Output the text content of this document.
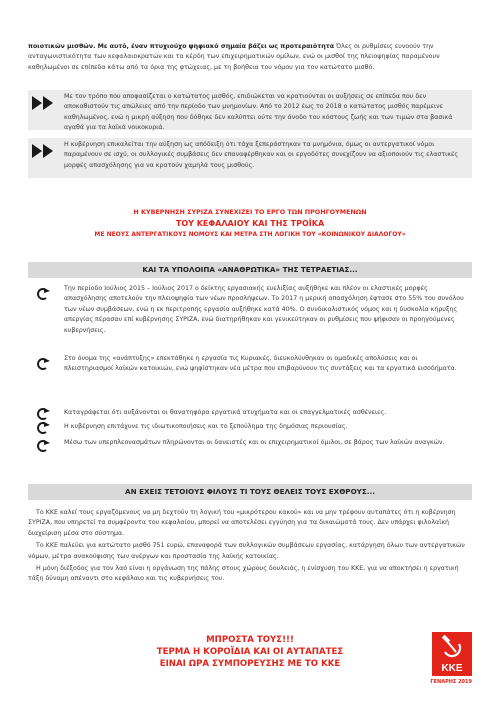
ποιοτικών μισθών. Με αυτό, έναν πτυχιούχο ψηφιακό σημαία βάζει ως προτεραιότητα Όλες οι ρυθμίσεις ευνοούν την ανταγωνιστικότητα των κεφαλαιοκρατών και τα κέρδη των επιχειρηματικών ομίλων, ενώ οι μισθοί της πλειοψηφίας παραμένουν καθηλωμένοι σε επίπεδα κάτω από τα όρια της φτώχειας, με τη βοήθεια του νόμου για τον κατώτατο μισθό.

Με τον τρόπο που αποφασίζεται ο κατώτατος μισθός, επιδιώκεται να κρατιούνται οι αυξήσεις σε επίπεδα που δεν αποκαθιστούν τις απώλειες από την περίοδο των μνημονίων. Από το 2012 έως το 2018 ο κατώτατος μισθός παρέμεινε καθηλωμένος, ενώ η μικρή αύξηση που δόθηκε δεν καλύπτει ούτε την άνοδο του κόστους ζωής και των τιμών στα βασικά αγαθά για τα λαϊκά νοικοκυριά.

Η κυβέρνηση επικαλείται την αύξηση ως απόδειξη ότι τάχα ξεπεράστηκαν τα μνημόνια, όμως οι αντεργατικοί νόμοι παραμένουν σε ισχύ, οι συλλογικές συμβάσεις δεν επαναφέρθηκαν και οι εργοδότες συνεχίζουν να αξιοποιούν τις ελαστικές μορφές απασχόλησης για να κρατούν χαμηλά τους μισθούς.

Η ΚΥΒΕΡΝΗΣΗ ΣΥΡΙΖΑ ΣΥΝΕΧΙΖΕΙ ΤΟ ΕΡΓΟ ΤΩΝ ΠΡΟΗΓΟΥΜΕΝΩΝ

ΤΟΥ ΚΕΦΑΛΑΙΟΥ ΚΑΙ ΤΗΣ ΤΡΟΪΚΑ

ΜΕ ΝΕΟΥΣ ΑΝΤΕΡΓΑΤΙΚΟΥΣ ΝΟΜΟΥΣ ΚΑΙ ΜΕΤΡΑ ΣΤΗ ΛΟΓΙΚΗ ΤΟΥ «ΚΟΙΝΩΝΙΚΟΥ ΔΙΑΛΟΓΟΥ»

ΚΑΙ ΤΑ ΥΠΟΛΟΙΠΑ «ΑΝΑΘΡΩΤΙΚΑ» ΤΗΣ ΤΕΤΡΑΕΤΙΑΣ...

Την περίοδο Ιούλιος 2015 – Ιούλιος 2017 ο δείκτης εργασιακής ευελιξίας αυξήθηκε και πλέον οι ελαστικές μορφές απασχόλησης αποτελούν την πλειοψηφία των νέων προσλήψεων. Το 2017 η μερική απασχόληση έφτασε στο 55% του συνόλου των νέων συμβάσεων, ενώ η εκ περιτροπής εργασία αυξήθηκε κατά 40%. Ο συνδικαλιστικός νόμος και η δυσκολία κήρυξης απεργίας πέρασαν επί κυβέρνησης ΣΥΡΙΖΑ, ενώ διατηρήθηκαν και γενικεύτηκαν οι ρυθμίσεις που ψήφισαν οι προηγούμενες κυβερνήσεις.

Στο όνομα της «ανάπτυξης» επεκτάθηκε η εργασία τις Κυριακές, διευκολύνθηκαν οι ομαδικές απολύσεις και οι πλειστηριασμοί λαϊκών κατοικιών, ενώ ψηφίστηκαν νέα μέτρα που επιβαρύνουν τις συντάξεις και τα εργατικά εισοδήματα.

Καταγράφεται ότι αυξάνονται οι θανατηφόρα εργατικά ατυχήματα και οι επαγγελματικές ασθένειες.

Η κυβέρνηση επιτάχυνε τις ιδιωτικοποιήσεις και το ξεπούλημα της δημόσιας περιουσίας.

Μέσω των υπερπλεονασμάτων πληρώνονται οι δανειστές και οι επιχειρηματικοί όμιλοι, σε βάρος των λαϊκών αναγκών.

ΑΝ ΕΧΕΙΣ ΤΕΤΟΙΟΥΣ ΦΙΛΟΥΣ ΤΙ ΤΟΥΣ ΘΕΛΕΙΣ ΤΟΥΣ ΕΧΘΡΟΥΣ...

Το ΚΚΕ καλεί τους εργαζόμενους να μη δεχτούν τη λογική του «μικρότερου κακού» και να μην τρέφουν αυταπάτες ότι η κυβέρνηση ΣΥΡΙΖΑ, που υπηρετεί τα συμφέροντα του κεφαλαίου, μπορεί να αποτελέσει εγγύηση για τα δικαιώματά τους. Δεν υπάρχει φιλολαϊκή διαχείριση μέσα στο σύστημα.

Το ΚΚΕ παλεύει για κατώτατο μισθό 751 ευρώ, επαναφορά των συλλογικών συμβάσεων εργασίας, κατάργηση όλων των αντεργατικών νόμων, μέτρα ανακούφισης των ανέργων και προστασία της λαϊκής κατοικίας.

Η μόνη διέξοδος για τον λαό είναι η οργάνωση της πάλης στους χώρους δουλειάς, η ενίσχυση του ΚΚΕ, για να αποκτήσει η εργατική τάξη δύναμη απέναντι στο κεφάλαιο και τις κυβερνήσεις του.

ΜΠΡΟΣΤΑ ΤΟΥΣ!!!
ΤΕΡΜΑ Η ΚΟΡΟΪΔΙΑ ΚΑΙ ΟΙ ΑΥΤΑΠΑΤΕΣ
ΕΙΝΑΙ ΩΡΑ ΣΥΜΠΟΡΕΥΣΗΣ ΜΕ ΤΟ ΚΚΕ	ΚΚΕ
ΓΕΝΑΡΗΣ 2019
